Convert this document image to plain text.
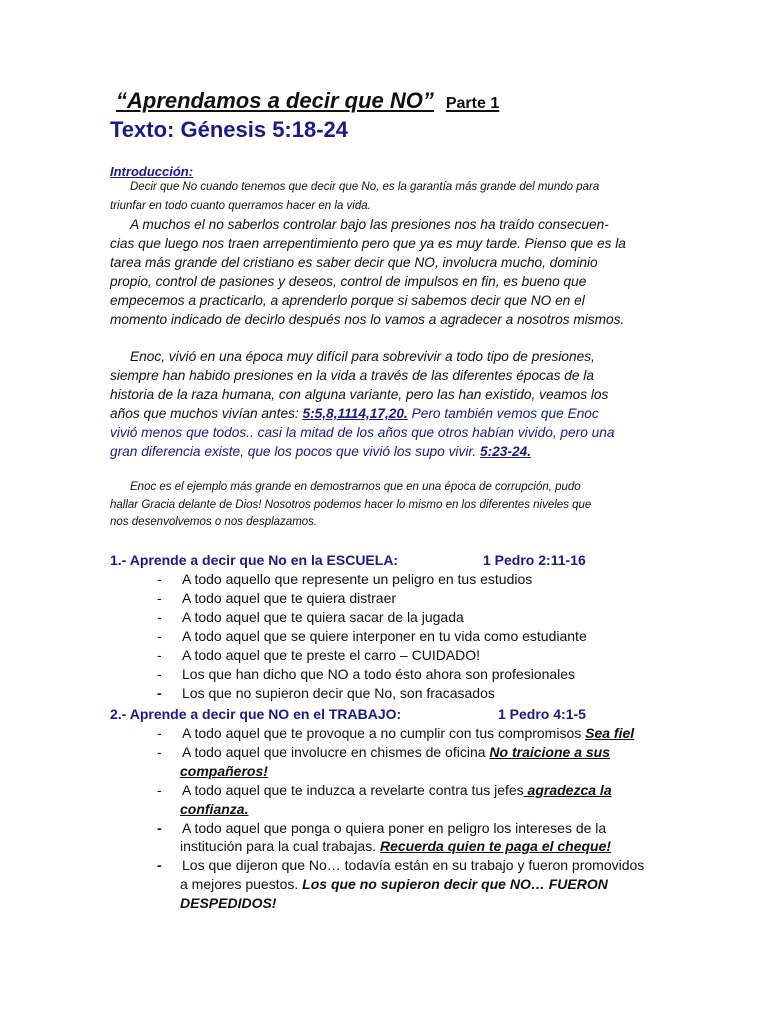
“Aprendamos a decir que NO” Parte 1
Texto: Génesis 5:18-24
Introducción:
Decir que No cuando tenemos que decir que No, es la garantía más grande del mundo para
triunfar en todo cuanto querramos hacer en la vida.
A muchos el no saberlos controlar bajo las presiones nos ha traído consecuen-
cias que luego nos traen arrepentimiento pero que ya es muy tarde. Pienso que es la
tarea más grande del cristiano es saber decir que NO, involucra mucho, dominio
propio, control de pasiones y deseos, control de impulsos en fin, es bueno que
empecemos a practicarlo, a aprenderlo porque si sabemos decir que NO en el
momento indicado de decirlo después nos lo vamos a agradecer a nosotros mismos.
Enoc, vivió en una época muy difícil para sobrevivir a todo tipo de presiones,
siempre han habido presiones en la vida a través de las diferentes épocas de la
historia de la raza humana, con alguna variante, pero las han existido, veamos los
años que muchos vivían antes: 5:5,8,1114,17,20. Pero también vemos que Enoc
vivió menos que todos.. casi la mitad de los años que otros habían vivido, pero una
gran diferencia existe, que los pocos que vivió los supo vivir. 5:23-24.
Enoc es el ejemplo más grande en demostrarnos que en una época de corrupción, pudo
hallar Gracia delante de Dios! Nosotros podemos hacer lo mismo en los diferentes niveles que
nos desenvolvemos o nos desplazamos.
1.- Aprende a decir que No en la ESCUELA:	1 Pedro 2:11-16
- A todo aquello que represente un peligro en tus estudios
- A todo aquel que te quiera distraer
- A todo aquel que te quiera sacar de la jugada
- A todo aquel que se quiere interponer en tu vida como estudiante
- A todo aquel que te preste el carro – CUIDADO!
- Los que han dicho que NO a todo ésto ahora son profesionales
- Los que no supieron decir que No, son fracasados
2.- Aprende a decir que NO en el TRABAJO:	1 Pedro 4:1-5
- A todo aquel que te provoque a no cumplir con tus compromisos Sea fiel
- A todo aquel que involucre en chismes de oficina No traicione a sus
compañeros!
- A todo aquel que te induzca a revelarte contra tus jefes agradezca la
confianza.
- A todo aquel que ponga o quiera poner en peligro los intereses de la
institución para la cual trabajas. Recuerda quien te paga el cheque!
- Los que dijeron que No… todavía están en su trabajo y fueron promovidos
a mejores puestos. Los que no supieron decir que NO… FUERON
DESPEDIDOS!
